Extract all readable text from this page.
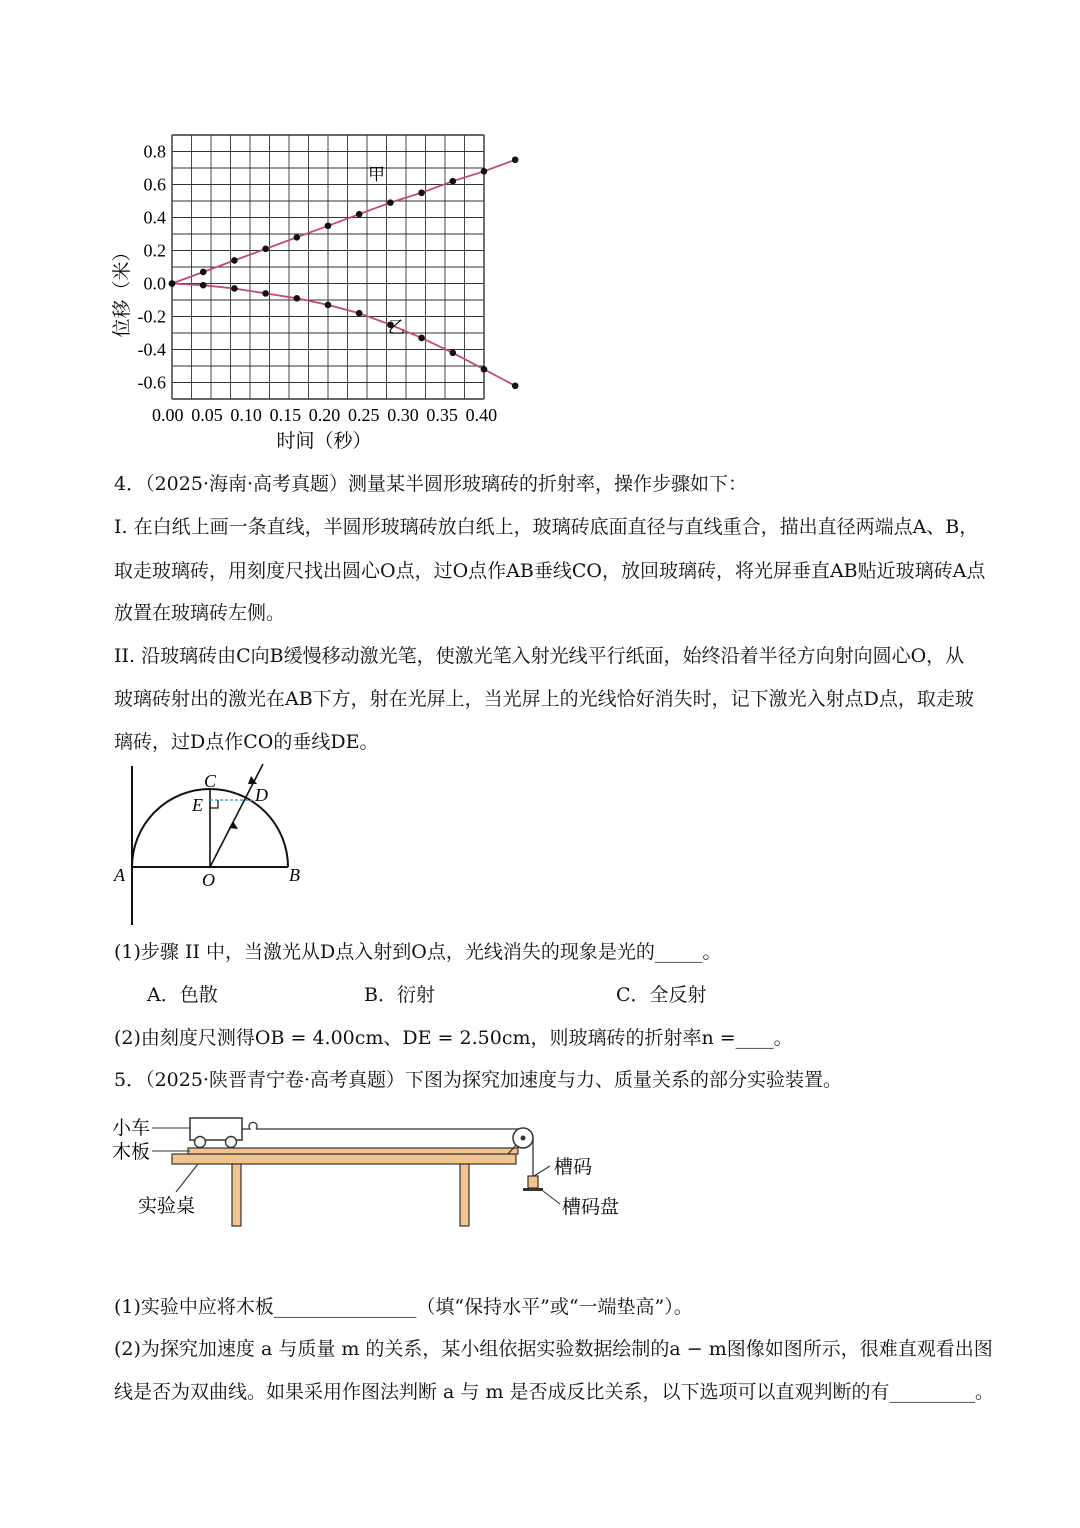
0.8
0.6
0.4
0.2
0.0
-0.2
-0.4
-0.6
0.00 0.05 0.10 0.15 0.20 0.25 0.30 0.35 0.40
甲
乙
位移（米）
时间（秒）
4．（2025·海南·高考真题）测量某半圆形玻璃砖的折射率，操作步骤如下：
I. 在白纸上画一条直线，半圆形玻璃砖放白纸上，玻璃砖底面直径与直线重合，描出直径两端点A、B，
取走玻璃砖，用刻度尺找出圆心O点，过O点作AB垂线CO，放回玻璃砖，将光屏垂直AB贴近玻璃砖A点
放置在玻璃砖左侧。
II. 沿玻璃砖由C向B缓慢移动激光笔，使激光笔入射光线平行纸面，始终沿着半径方向射向圆心O，从
玻璃砖射出的激光在AB下方，射在光屏上，当光屏上的光线恰好消失时，记下激光入射点D点，取走玻
璃砖，过D点作CO的垂线DE。
C
E	D
A	O	B
(1)步骤 II 中，当激光从D点入射到O点，光线消失的现象是光的_____。
A．色散	B．衍射	C．全反射
(2)由刻度尺测得OB = 4.00cm、DE = 2.50cm，则玻璃砖的折射率n =____。
5．（2025·陕晋青宁卷·高考真题）下图为探究加速度与力、质量关系的部分实验装置。
小车
木板
实验桌
槽码
槽码盘
(1)实验中应将木板_______________（填“保持水平”或“一端垫高”）。
(2)为探究加速度 a 与质量 m 的关系，某小组依据实验数据绘制的a − m图像如图所示，很难直观看出图
线是否为双曲线。如果采用作图法判断 a 与 m 是否成反比关系，以下选项可以直观判断的有_________。
